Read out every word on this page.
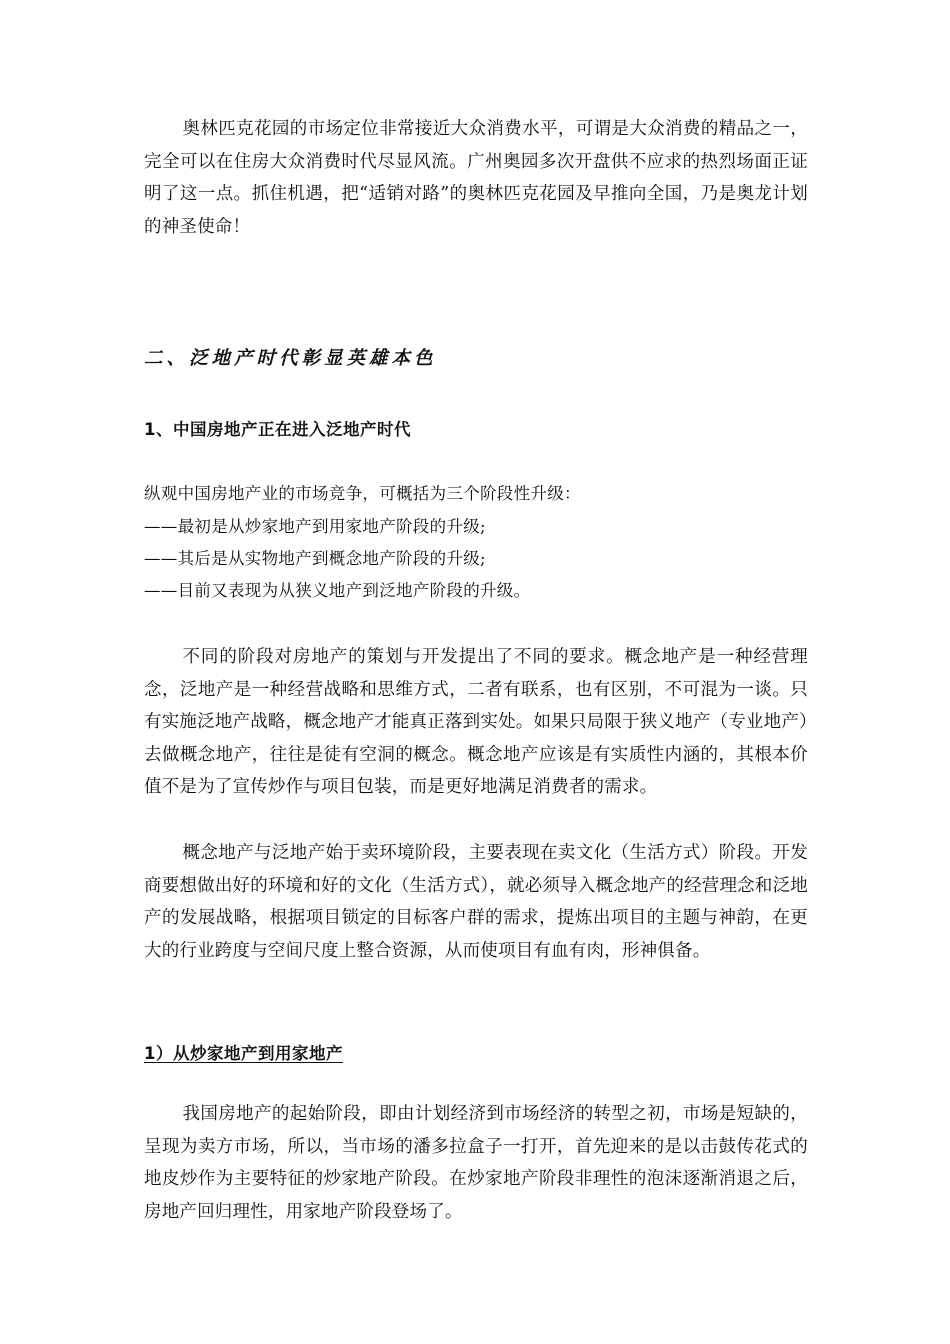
奥林匹克花园的市场定位非常接近大众消费水平，可谓是大众消费的精品之一，完全可以在住房大众消费时代尽显风流。广州奥园多次开盘供不应求的热烈场面正证明了这一点。抓住机遇，把“适销对路”的奥林匹克花园及早推向全国，乃是奥龙计划的神圣使命！

二、泛地产时代彰显英雄本色
1、中国房地产正在进入泛地产时代

纵观中国房地产业的市场竞争，可概括为三个阶段性升级：

——最初是从炒家地产到用家地产阶段的升级;

——其后是从实物地产到概念地产阶段的升级;

——目前又表现为从狭义地产到泛地产阶段的升级。

不同的阶段对房地产的策划与开发提出了不同的要求。概念地产是一种经营理念，泛地产是一种经营战略和思维方式，二者有联系，也有区别，不可混为一谈。只有实施泛地产战略，概念地产才能真正落到实处。如果只局限于狭义地产（专业地产）去做概念地产，往往是徒有空洞的概念。概念地产应该是有实质性内涵的，其根本价值不是为了宣传炒作与项目包装，而是更好地满足消费者的需求。

概念地产与泛地产始于卖环境阶段，主要表现在卖文化（生活方式）阶段。开发商要想做出好的环境和好的文化（生活方式），就必须导入概念地产的经营理念和泛地产的发展战略，根据项目锁定的目标客户群的需求，提炼出项目的主题与神韵，在更大的行业跨度与空间尺度上整合资源，从而使项目有血有肉，形神俱备。

1）从炒家地产到用家地产

我国房地产的起始阶段，即由计划经济到市场经济的转型之初，市场是短缺的，呈现为卖方市场，所以，当市场的潘多拉盒子一打开，首先迎来的是以击鼓传花式的地皮炒作为主要特征的炒家地产阶段。在炒家地产阶段非理性的泡沫逐渐消退之后，房地产回归理性，用家地产阶段登场了。
